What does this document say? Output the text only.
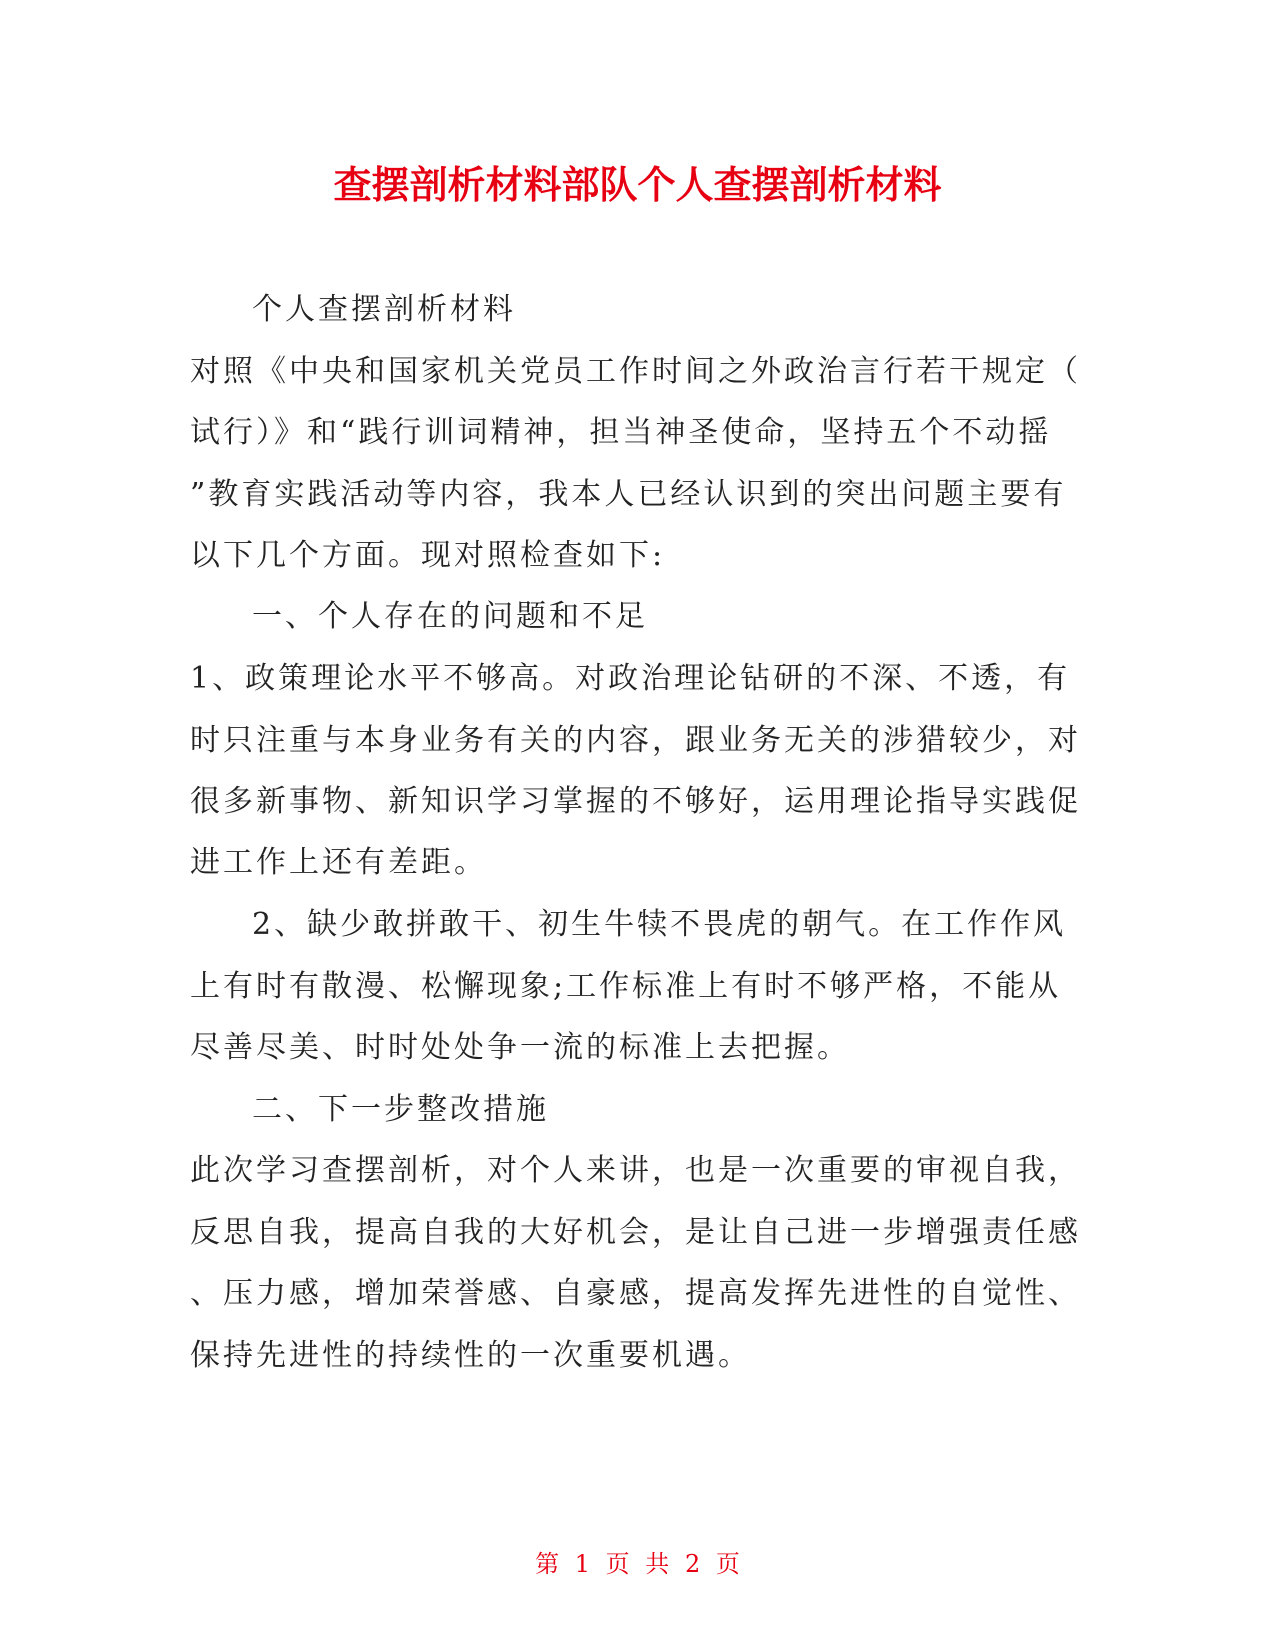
查摆剖析材料部队个人查摆剖析材料

个人查摆剖析材料

对照《中央和国家机关党员工作时间之外政治言行若干规定（

试行）》和“践行训词精神，担当神圣使命，坚持五个不动摇

”教育实践活动等内容，我本人已经认识到的突出问题主要有

以下几个方面。现对照检查如下:

一、个人存在的问题和不足

1、政策理论水平不够高。对政治理论钻研的不深、不透，有

时只注重与本身业务有关的内容，跟业务无关的涉猎较少，对

很多新事物、新知识学习掌握的不够好，运用理论指导实践促

进工作上还有差距。

2、缺少敢拼敢干、初生牛犊不畏虎的朝气。在工作作风

上有时有散漫、松懈现象;工作标准上有时不够严格，不能从

尽善尽美、时时处处争一流的标准上去把握。

二、下一步整改措施

此次学习查摆剖析，对个人来讲，也是一次重要的审视自我，

反思自我，提高自我的大好机会，是让自己进一步增强责任感

、压力感，增加荣誉感、自豪感，提高发挥先进性的自觉性、

保持先进性的持续性的一次重要机遇。

第 1 页 共 2 页
